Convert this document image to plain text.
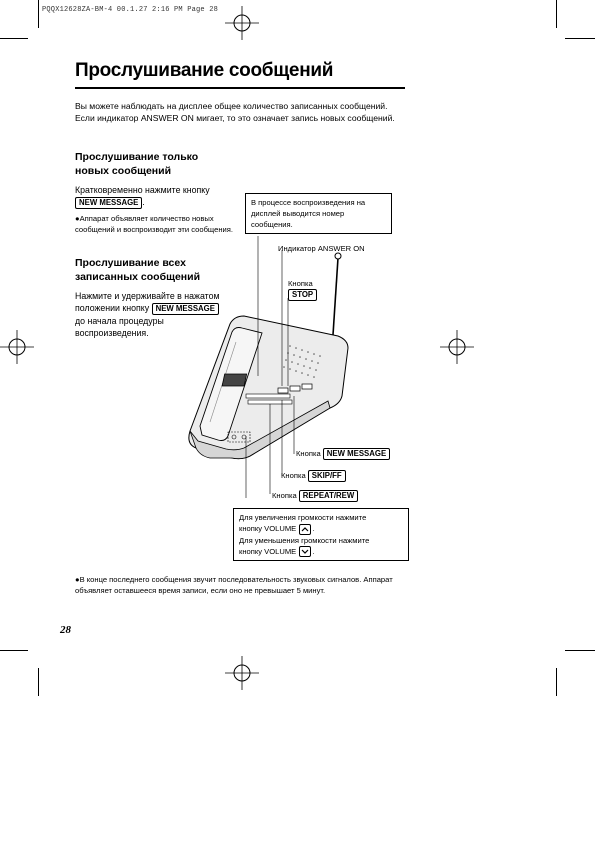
PQQX12628ZA-BM-4 00.1.27 2:16 PM Page 28
Прослушивание сообщений
Вы можете наблюдать на дисплее общее количество записанных сообщений. Если индикатор ANSWER ON мигает, то это означает запись новых сообщений.
Прослушивание только
новых сообщений
Кратковременно нажмите кнопку
NEW MESSAGE .
●Аппарат объявляет количество новых сообщений и воспроизводит эти сообщения.
Прослушивание всех
записанных сообщений
Нажмите и удерживайте в нажатом положении кнопку NEW MESSAGE до начала процедуры воспроизведения.
В процессе воспроизведения на дисплей выводится номер сообщения.
Индикатор ANSWER ON
Кнопка
STOP
Кнопка NEW MESSAGE
Кнопка SKIP/FF
Кнопка REPEAT/REW
Для увеличения громкости нажмите
кнопку VOLUME .
Для уменьшения громкости нажмите
кнопку VOLUME .
●В конце последнего сообщения звучит последовательность звуковых сигналов. Аппарат объявляет оставшееся время записи, если оно не превышает 5 минут.
28
